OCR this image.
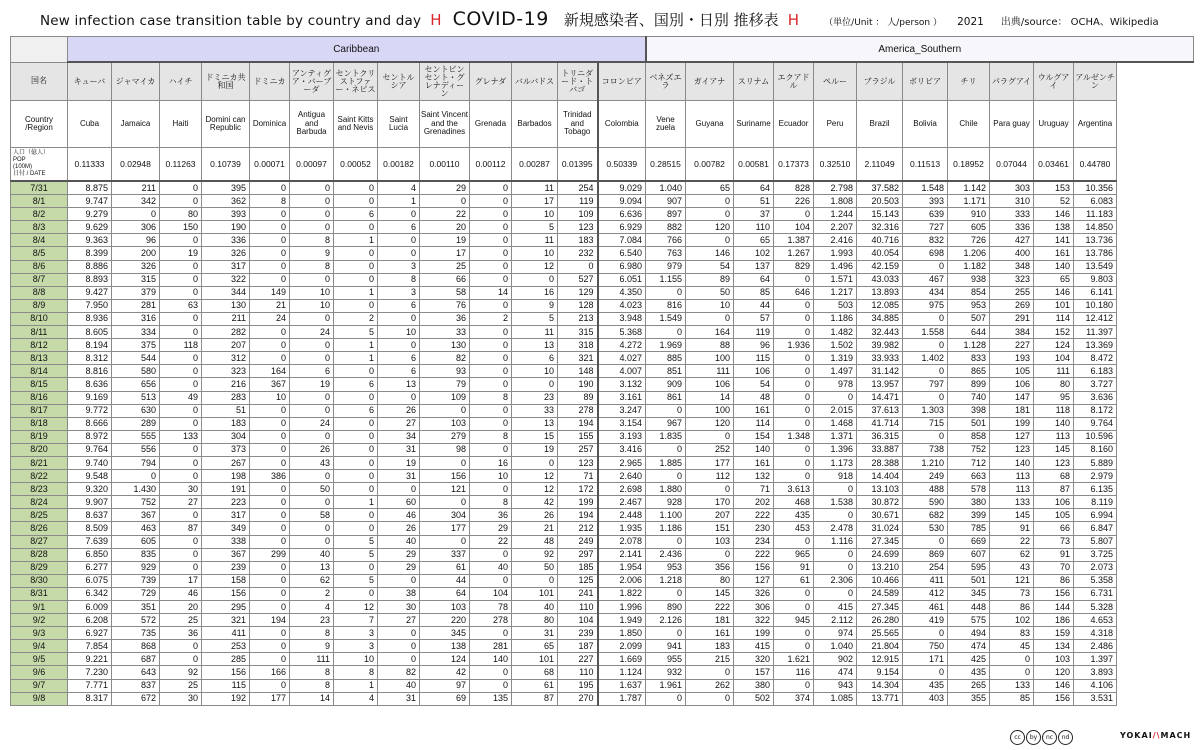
New infection case transition table by country and day H COVID-19 新規感染者、国別・日別 推移表 H	（単位/Unit ： 人/person ） 2021 出典/source： OCHA、Wikipedia
	Caribbean													America_Southern										
国名	キューバ	ジャマイカ	ハイチ	ドミニカ共和国	ドミニカ	アンティグア・バーブーダ	セントクリストファー・ネビス	セントルシア	セントビンセント・グレナディーン	グレナダ	バルバドス	トリニダード・トバゴ	コロンビア	ベネズエラ	ガイアナ	スリナム	エクアドル	ペルー	ブラジル	ボリビア	チリ	パラグアイ	ウルグアイ	アルゼンチン
Country /Region	Cuba	Jamaica	Haiti	Domini can Republic	Dominica	Antigua and Barbuda	Saint Kitts and Nevis	Saint Lucia	Saint Vincent and the Grenadines	Grenada	Barbados	Trinidad and Tobago	Colombia	Vene zuela	Guyana	Suriname	Ecuador	Peru	Brazil	Bolivia	Chile	Para guay	Uruguay	Argentina

人口（億人）
POP
(100M)
日付 / DATE	0.11333	0.02948	0.11263	0.10739	0.00071	0.00097	0.00052	0.00182	0.00110	0.00112	0.00287	0.01395	0.50339	0.28515	0.00782	0.00581	0.17373	0.32510	2.11049	0.11513	0.18952	0.07044	0.03461	0.44780
7/31	8.875	211	0	395	0	0	0	4	29	0	11	254	9.029	1.040	65	64	828	2.798	37.582	1.548	1.142	303	153	10.356
8/1	9.747	342	0	362	8	0	0	1	0	0	17	119	9.094	907	0	51	226	1.808	20.503	393	1.171	310	52	6.083
8/2	9.279	0	80	393	0	0	6	0	22	0	10	109	6.636	897	0	37	0	1.244	15.143	639	910	333	146	11.183
8/3	9.629	306	150	190	0	0	0	6	20	0	5	123	6.929	882	120	110	104	2.207	32.316	727	605	336	138	14.850
8/4	9.363	96	0	336	0	8	1	0	19	0	11	183	7.084	766	0	65	1.387	2.416	40.716	832	726	427	141	13.736
8/5	8.399	200	19	326	0	9	0	0	17	0	10	232	6.540	763	146	102	1.267	1.993	40.054	698	1.206	400	161	13.786
8/6	8.886	326	0	317	0	8	0	3	25	0	12	0	6.980	979	54	137	829	1.496	42.159	0	1.182	348	140	13.549
8/7	8.893	315	0	322	0	0	0	8	66	0	0	527	6.051	1.155	89	64	0	1.571	43.033	467	938	323	65	9.803
8/8	9.427	379	0	344	149	10	1	3	58	14	16	129	4.350	0	50	85	646	1.217	13.893	434	854	255	146	6.141
8/9	7.950	281	63	130	21	10	0	6	76	0	9	128	4.023	816	10	44	0	503	12.085	975	953	269	101	10.180
8/10	8.936	316	0	211	24	0	2	0	36	2	5	213	3.948	1.549	0	57	0	1.186	34.885	0	507	291	114	12.412
8/11	8.605	334	0	282	0	24	5	10	33	0	11	315	5.368	0	164	119	0	1.482	32.443	1.558	644	384	152	11.397
8/12	8.194	375	118	207	0	0	1	0	130	0	13	318	4.272	1.969	88	96	1.936	1.502	39.982	0	1.128	227	124	13.369
8/13	8.312	544	0	312	0	0	1	6	82	0	6	321	4.027	885	100	115	0	1.319	33.933	1.402	833	193	104	8.472
8/14	8.816	580	0	323	164	6	0	6	93	0	10	148	4.007	851	111	106	0	1.497	31.142	0	865	105	111	6.183
8/15	8.636	656	0	216	367	19	6	13	79	0	0	190	3.132	909	106	54	0	978	13.957	797	899	106	80	3.727
8/16	9.169	513	49	283	10	0	0	0	109	8	23	89	3.161	861	14	48	0	0	14.471	0	740	147	95	3.636
8/17	9.772	630	0	51	0	0	6	26	0	0	33	278	3.247	0	100	161	0	2.015	37.613	1.303	398	181	118	8.172
8/18	8.666	289	0	183	0	24	0	27	103	0	13	194	3.154	967	120	114	0	1.468	41.714	715	501	199	140	9.764
8/19	8.972	555	133	304	0	0	0	34	279	8	15	155	3.193	1.835	0	154	1.348	1.371	36.315	0	858	127	113	10.596
8/20	9.764	556	0	373	0	26	0	31	98	0	19	257	3.416	0	252	140	0	1.396	33.887	738	752	123	145	8.160
8/21	9.740	794	0	267	0	43	0	19	0	16	0	123	2.965	1.885	177	161	0	1.173	28.388	1.210	712	140	123	5.889
8/22	9.548	0	0	198	386	0	0	31	156	10	12	71	2.640	0	112	132	0	918	14.404	249	663	113	68	2.979
8/23	9.320	1.430	30	191	0	50	0	0	121	0	12	172	2.698	1.880	0	71	3.613	0	13.103	488	578	113	87	6.135
8/24	9.907	752	27	223	0	0	1	60	0	8	42	199	2.467	928	170	202	468	1.538	30.872	590	380	133	106	8.119
8/25	8.637	367	0	317	0	58	0	46	304	36	26	194	2.448	1.100	207	222	435	0	30.671	682	399	145	105	6.994
8/26	8.509	463	87	349	0	0	0	26	177	29	21	212	1.935	1.186	151	230	453	2.478	31.024	530	785	91	66	6.847
8/27	7.639	605	0	338	0	0	5	40	0	22	48	249	2.078	0	103	234	0	1.116	27.345	0	669	22	73	5.807
8/28	6.850	835	0	367	299	40	5	29	337	0	92	297	2.141	2.436	0	222	965	0	24.699	869	607	62	91	3.725
8/29	6.277	929	0	239	0	13	0	29	61	40	50	185	1.954	953	356	156	91	0	13.210	254	595	43	70	2.073
8/30	6.075	739	17	158	0	62	5	0	44	0	0	125	2.006	1.218	80	127	61	2.306	10.466	411	501	121	86	5.358
8/31	6.342	729	46	156	0	2	0	38	64	104	101	241	1.822	0	145	326	0	0	24.589	412	345	73	156	6.731
9/1	6.009	351	20	295	0	4	12	30	103	78	40	110	1.996	890	222	306	0	415	27.345	461	448	86	144	5.328
9/2	6.208	572	25	321	194	23	7	27	220	278	80	104	1.949	2.126	181	322	945	2.112	26.280	419	575	102	186	4.653
9/3	6.927	735	36	411	0	8	3	0	345	0	31	239	1.850	0	161	199	0	974	25.565	0	494	83	159	4.318
9/4	7.854	868	0	253	0	9	3	0	138	281	65	187	2.099	941	183	415	0	1.040	21.804	750	474	45	134	2.486
9/5	9.221	687	0	285	0	111	10	0	124	140	101	227	1.669	955	215	320	1.621	902	12.915	171	425	0	103	1.397
9/6	7.230	643	92	156	166	8	8	82	42	0	68	110	1.124	932	0	157	116	474	9.154	0	435	0	120	3.893
9/7	7.771	837	25	115	0	8	1	40	97	0	61	195	1.637	1.961	262	380	0	943	14.304	435	265	133	146	4.106
9/8	8.317	672	30	192	177	14	4	31	69	135	87	270	1.787	0	0	502	374	1.085	13.771	403	355	85	156	3.531
cc	by	nc	nd	YOKAI/\MACH
